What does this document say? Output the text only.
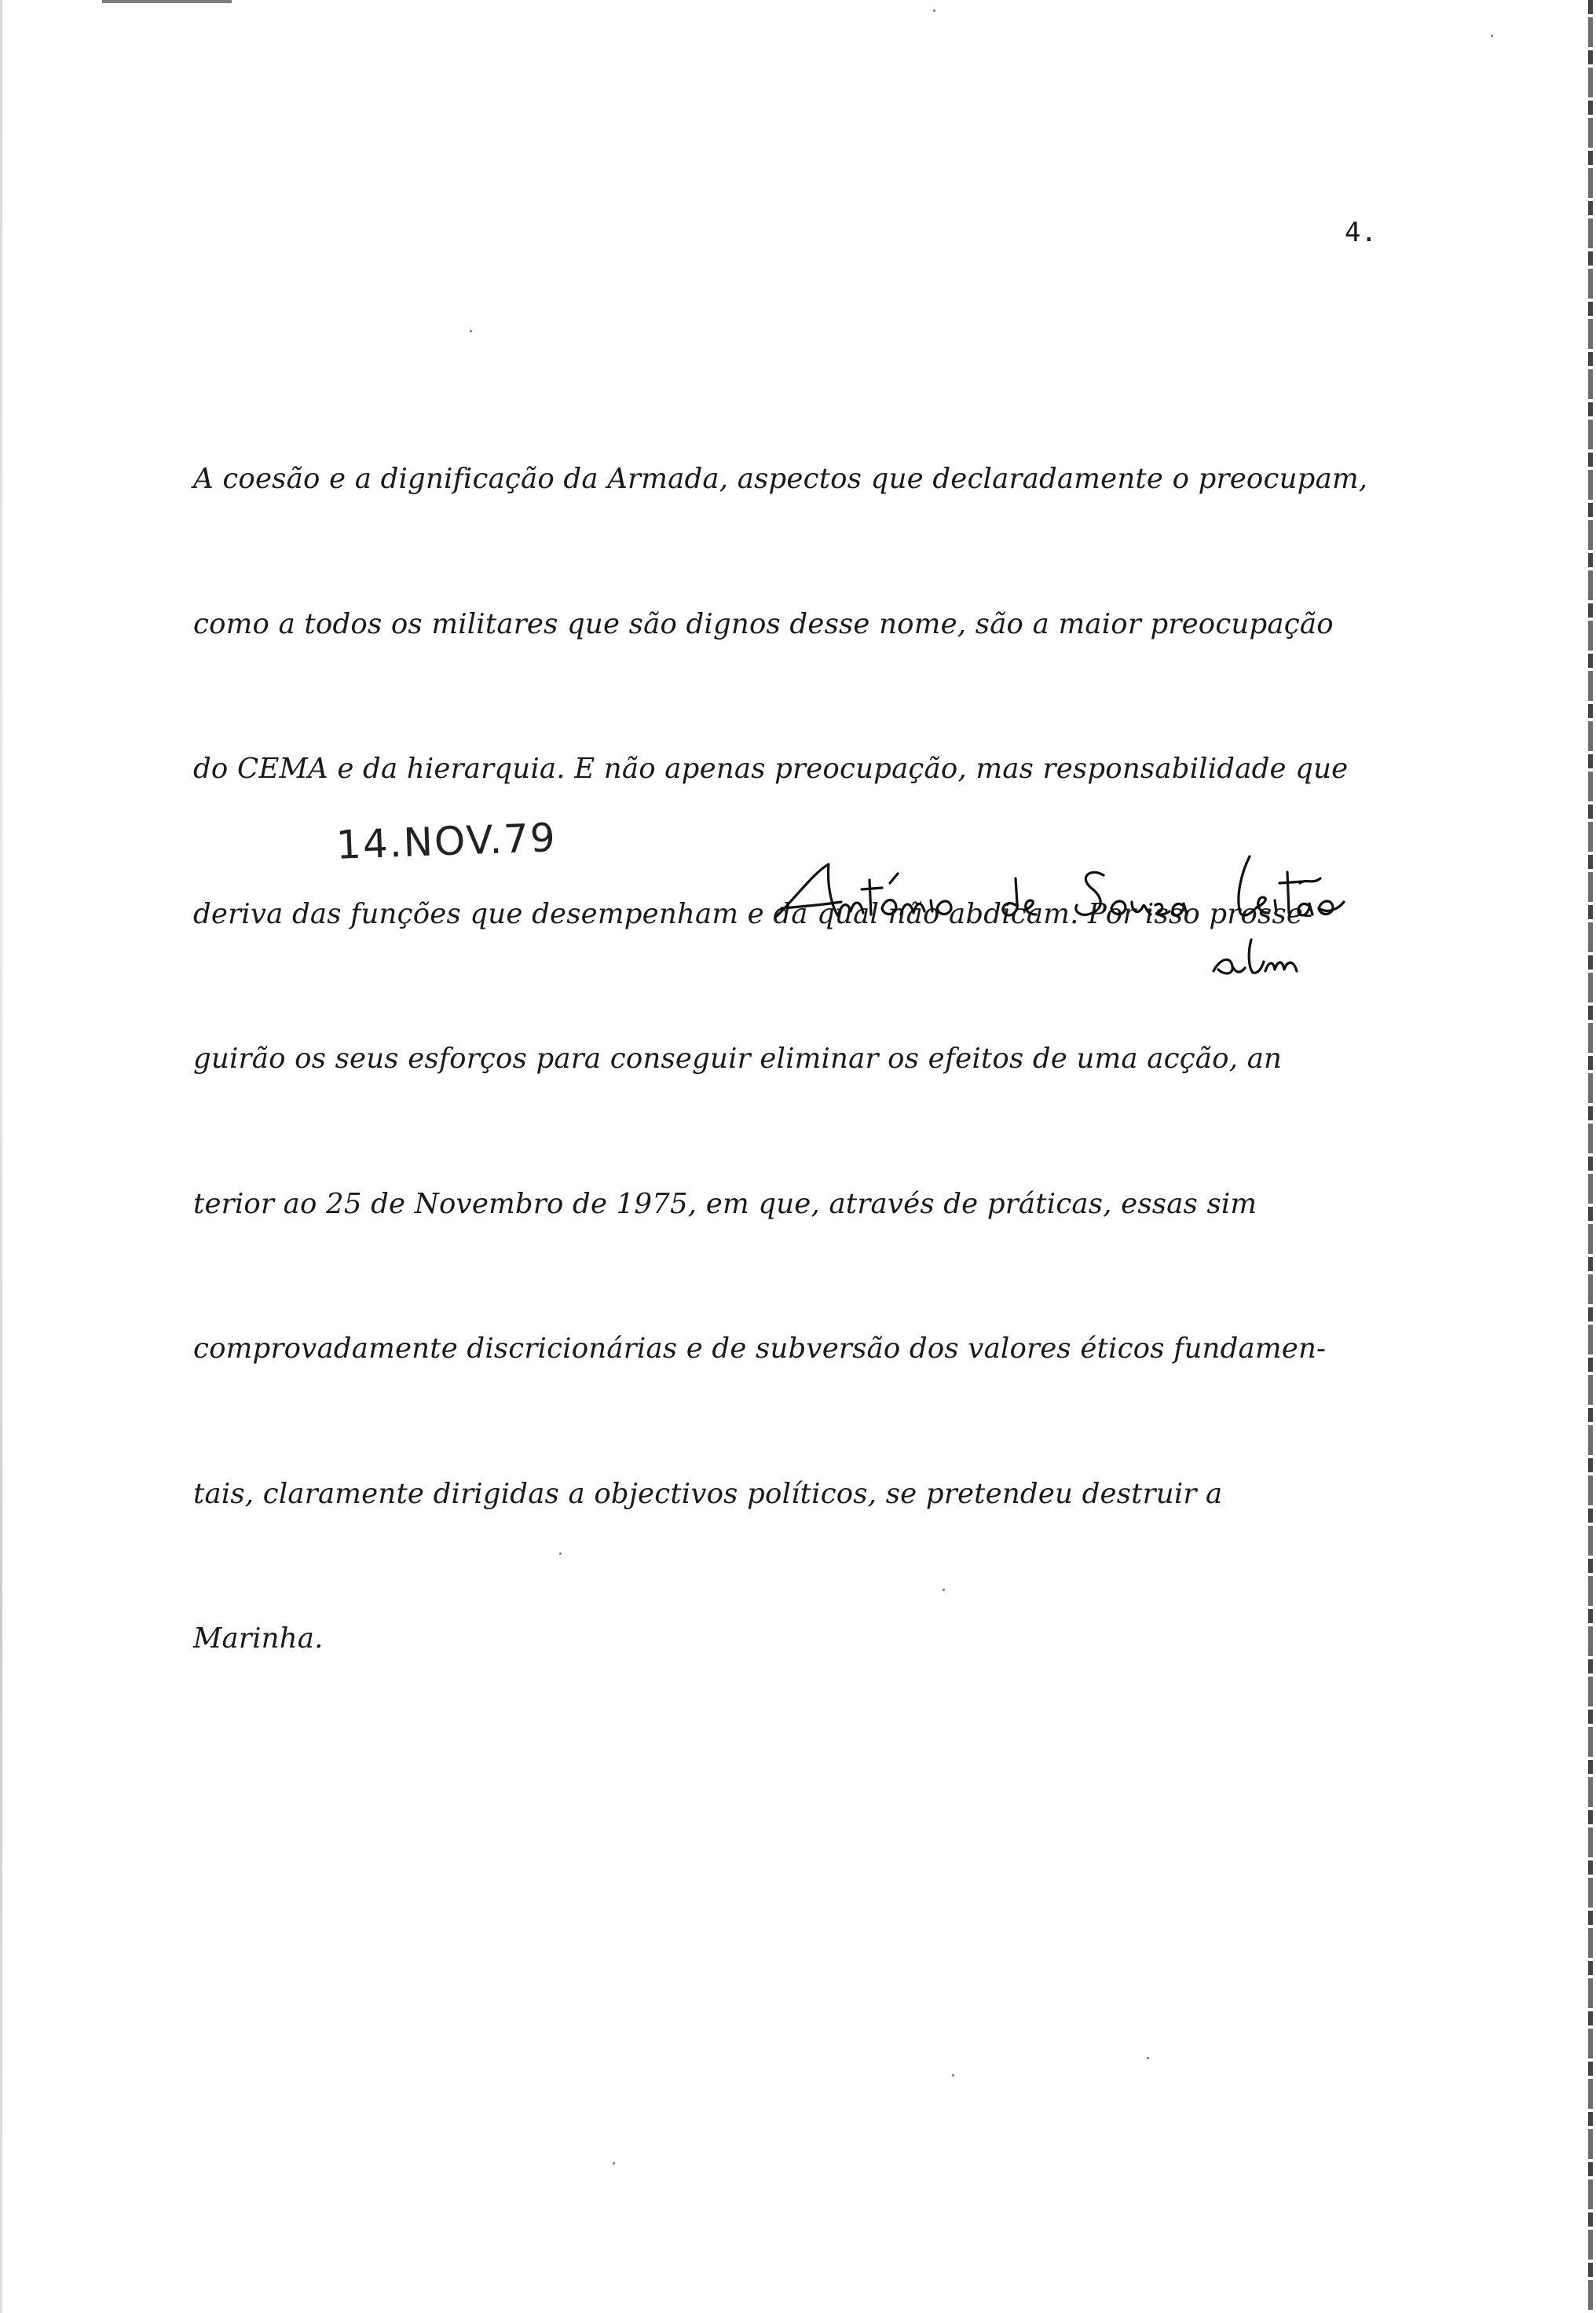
4.

A coesão e a dignificação da Armada, aspectos que declaradamente o preocupam,

como a todos os militares que são dignos desse nome, são a maior preocupação

do CEMA e da hierarquia. E não apenas preocupação, mas responsabilidade que

deriva das funções que desempenham e da qual não abdicam. Por isso prosse-

guirão os seus esforços para conseguir eliminar os efeitos de uma acção, an

terior ao 25 de Novembro de 1975, em que, através de práticas, essas sim

comprovadamente discricionárias e de subversão dos valores éticos fundamen-

tais, claramente dirigidas a objectivos políticos, se pretendeu destruir a

Marinha.

14.NOV.79
